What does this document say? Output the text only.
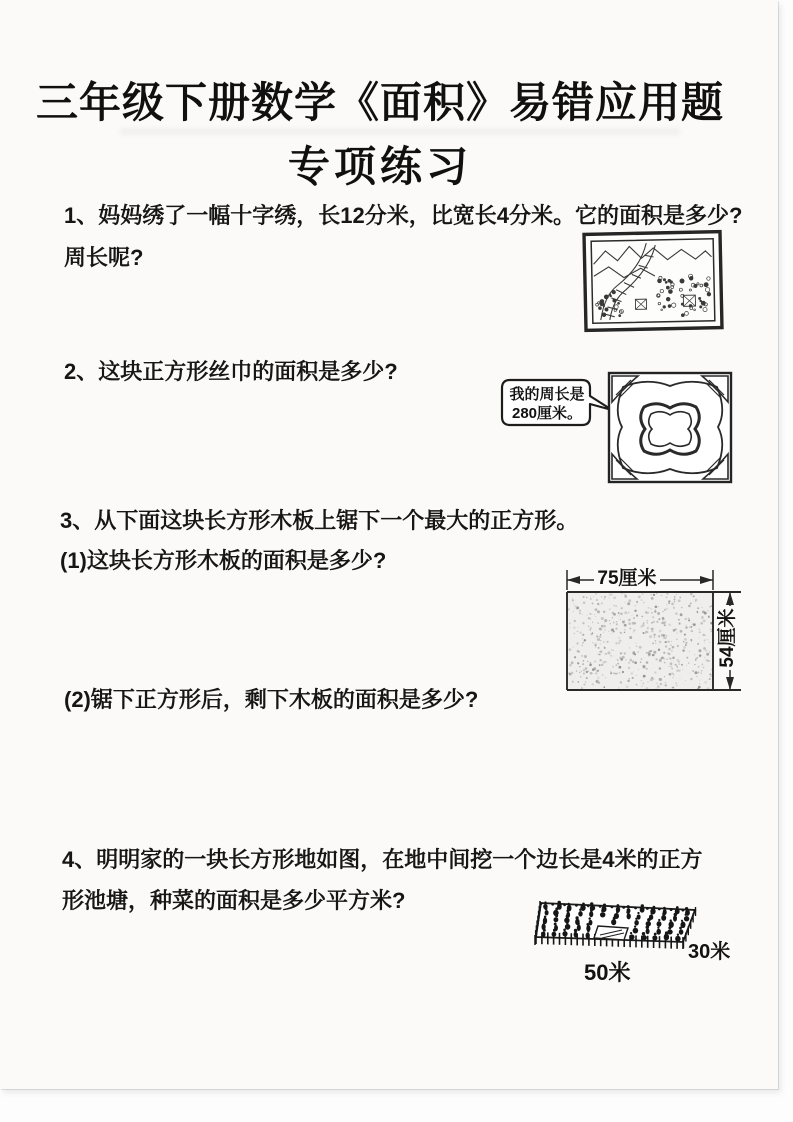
三年级下册数学《面积》易错应用题
专项练习
1、妈妈绣了一幅十字绣，长12分米，比宽长4分米。它的面积是多少?
周长呢?
2、这块正方形丝巾的面积是多少?
我的周长是
280厘米。
3、从下面这块长方形木板上锯下一个最大的正方形。
(1)这块长方形木板的面积是多少?
(2)锯下正方形后，剩下木板的面积是多少?
75厘米
54厘米
4、明明家的一块长方形地如图，在地中间挖一个边长是4米的正方
形池塘，种菜的面积是多少平方米?
30米
50米
